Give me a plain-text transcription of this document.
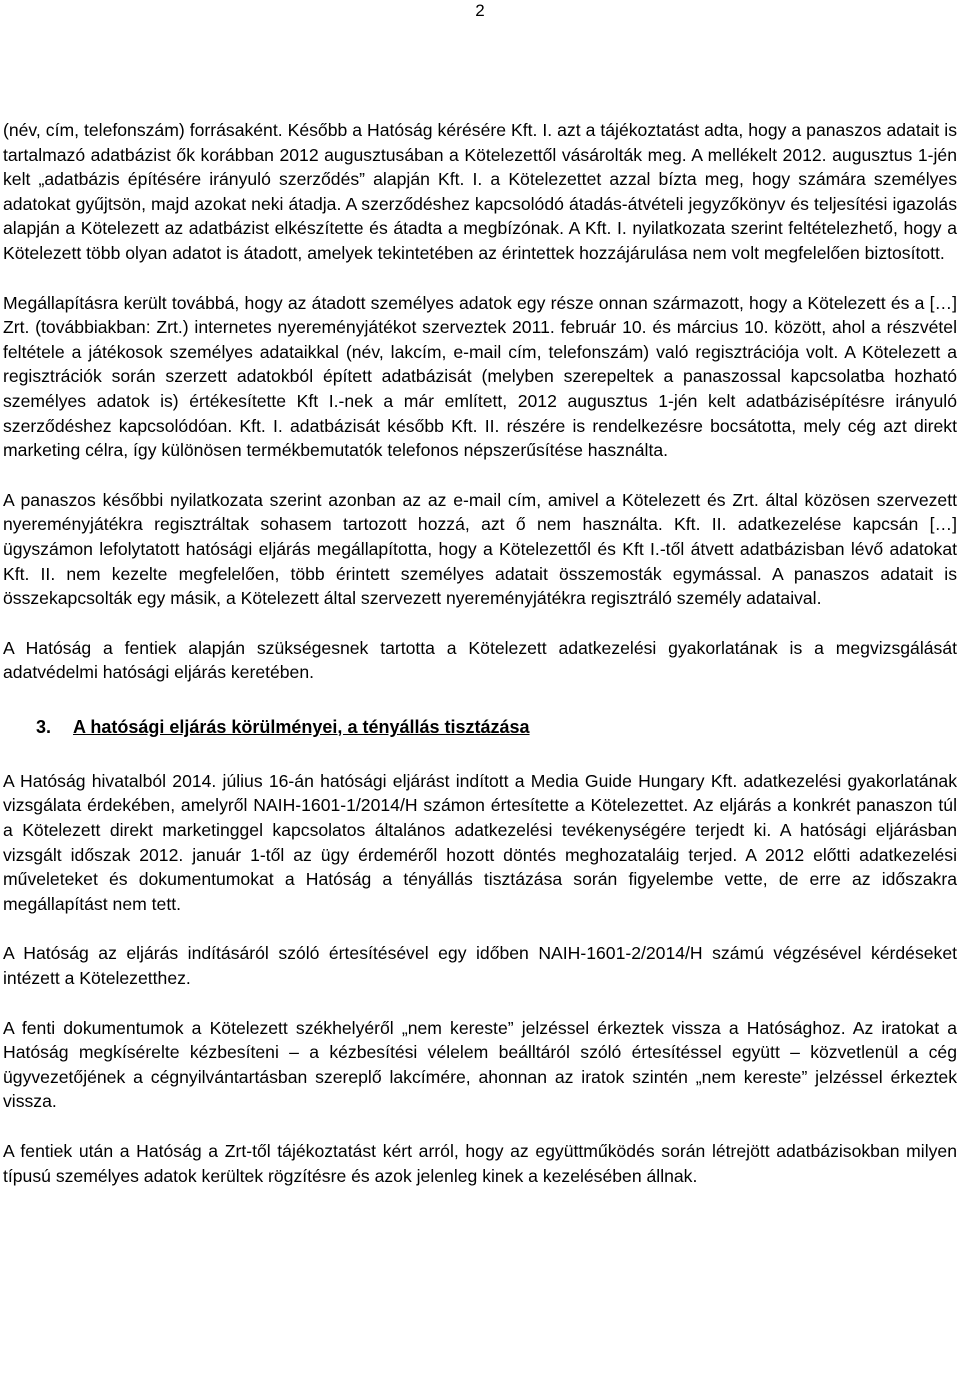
2

(név, cím, telefonszám) forrásaként. Később a Hatóság kérésére Kft. I. azt a tájékoztatást adta, hogy a panaszos adatait is tartalmazó adatbázist ők korábban 2012 augusztusában a Kötelezettől vásárolták meg. A mellékelt 2012. augusztus 1-jén kelt „adatbázis építésére irányuló szerződés” alapján Kft. I. a Kötelezettet azzal bízta meg, hogy számára személyes adatokat gyűjtsön, majd azokat neki átadja. A szerződéshez kapcsolódó átadás-átvételi jegyzőkönyv és teljesítési igazolás alapján a Kötelezett az adatbázist elkészítette és átadta a megbízónak. A Kft. I. nyilatkozata szerint feltételezhető, hogy a Kötelezett több olyan adatot is átadott, amelyek tekintetében az érintettek hozzájárulása nem volt megfelelően biztosított.

Megállapításra került továbbá, hogy az átadott személyes adatok egy része onnan származott, hogy a Kötelezett és a […] Zrt. (továbbiakban: Zrt.) internetes nyereményjátékot szerveztek 2011. február 10. és március 10. között, ahol a részvétel feltétele a játékosok személyes adataikkal (név, lakcím, e-mail cím, telefonszám) való regisztrációja volt. A Kötelezett a regisztrációk során szerzett adatokból épített adatbázisát (melyben szerepeltek a panaszossal kapcsolatba hozható személyes adatok is) értékesítette Kft I.-nek a már említett, 2012 augusztus 1-jén kelt adatbázisépítésre irányuló szerződéshez kapcsolódóan. Kft. I. adatbázisát később Kft. II. részére is rendelkezésre bocsátotta, mely cég azt direkt marketing célra, így különösen termékbemutatók telefonos népszerűsítése használta.

A panaszos későbbi nyilatkozata szerint azonban az az e-mail cím, amivel a Kötelezett és Zrt. által közösen szervezett nyereményjátékra regisztráltak sohasem tartozott hozzá, azt ő nem használta. Kft. II. adatkezelése kapcsán […] ügyszámon lefolytatott hatósági eljárás megállapította, hogy a Kötelezettől és Kft I.-től átvett adatbázisban lévő adatokat Kft. II. nem kezelte megfelelően, több érintett személyes adatait összemosták egymással. A panaszos adatait is összekapcsolták egy másik, a Kötelezett által szervezett nyereményjátékra regisztráló személy adataival.

A Hatóság a fentiek alapján szükségesnek tartotta a Kötelezett adatkezelési gyakorlatának is a megvizsgálását adatvédelmi hatósági eljárás keretében.

3. A hatósági eljárás körülményei, a tényállás tisztázása

A Hatóság hivatalból 2014. július 16-án hatósági eljárást indított a Media Guide Hungary Kft. adatkezelési gyakorlatának vizsgálata érdekében, amelyről NAIH-1601-1/2014/H számon értesítette a Kötelezettet. Az eljárás a konkrét panaszon túl a Kötelezett direkt marketinggel kapcsolatos általános adatkezelési tevékenységére terjedt ki. A hatósági eljárásban vizsgált időszak 2012. január 1-től az ügy érdeméről hozott döntés meghozataláig terjed. A 2012 előtti adatkezelési műveleteket és dokumentumokat a Hatóság a tényállás tisztázása során figyelembe vette, de erre az időszakra megállapítást nem tett.

A Hatóság az eljárás indításáról szóló értesítésével egy időben NAIH-1601-2/2014/H számú végzésével kérdéseket intézett a Kötelezetthez.

A fenti dokumentumok a Kötelezett székhelyéről „nem kereste” jelzéssel érkeztek vissza a Hatósághoz. Az iratokat a Hatóság megkísérelte kézbesíteni – a kézbesítési vélelem beálltáról szóló értesítéssel együtt – közvetlenül a cég ügyvezetőjének a cégnyilvántartásban szereplő lakcímére, ahonnan az iratok szintén „nem kereste” jelzéssel érkeztek vissza.

A fentiek után a Hatóság a Zrt-től tájékoztatást kért arról, hogy az együttműködés során létrejött adatbázisokban milyen típusú személyes adatok kerültek rögzítésre és azok jelenleg kinek a kezelésében állnak.
